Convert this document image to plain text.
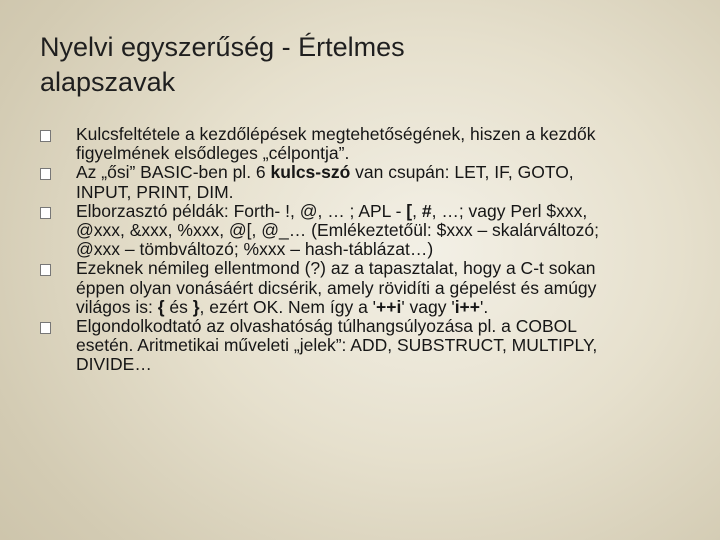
Nyelvi egyszerűség - Értelmes
alapszavak
Kulcsfeltétele a kezdőlépések megtehetőségének, hiszen a kezdők figyelmének elsődleges „célpontja”.
Az „ősi” BASIC-ben pl. 6 kulcs-szó van csupán: LET, IF, GOTO, INPUT, PRINT, DIM.
Elborzasztó példák: Forth- !, @, … ; APL - [, #, …; vagy Perl $xxx, @xxx, &xxx, %xxx, @[, @_… (Emlékeztetőül: $xxx – skalárváltozó; @xxx – tömbváltozó; %xxx – hash-táblázat…)
Ezeknek némileg ellentmond (?) az a tapasztalat, hogy a C-t sokan éppen olyan vonásáért dicsérik, amely rövidíti a gépelést és amúgy világos is: { és }, ezért OK. Nem így a '++i' vagy 'i++'.
Elgondolkodtató az olvashatóság túlhangsúlyozása pl. a COBOL esetén. Aritmetikai műveleti „jelek”: ADD, SUBSTRUCT, MULTIPLY, DIVIDE…
